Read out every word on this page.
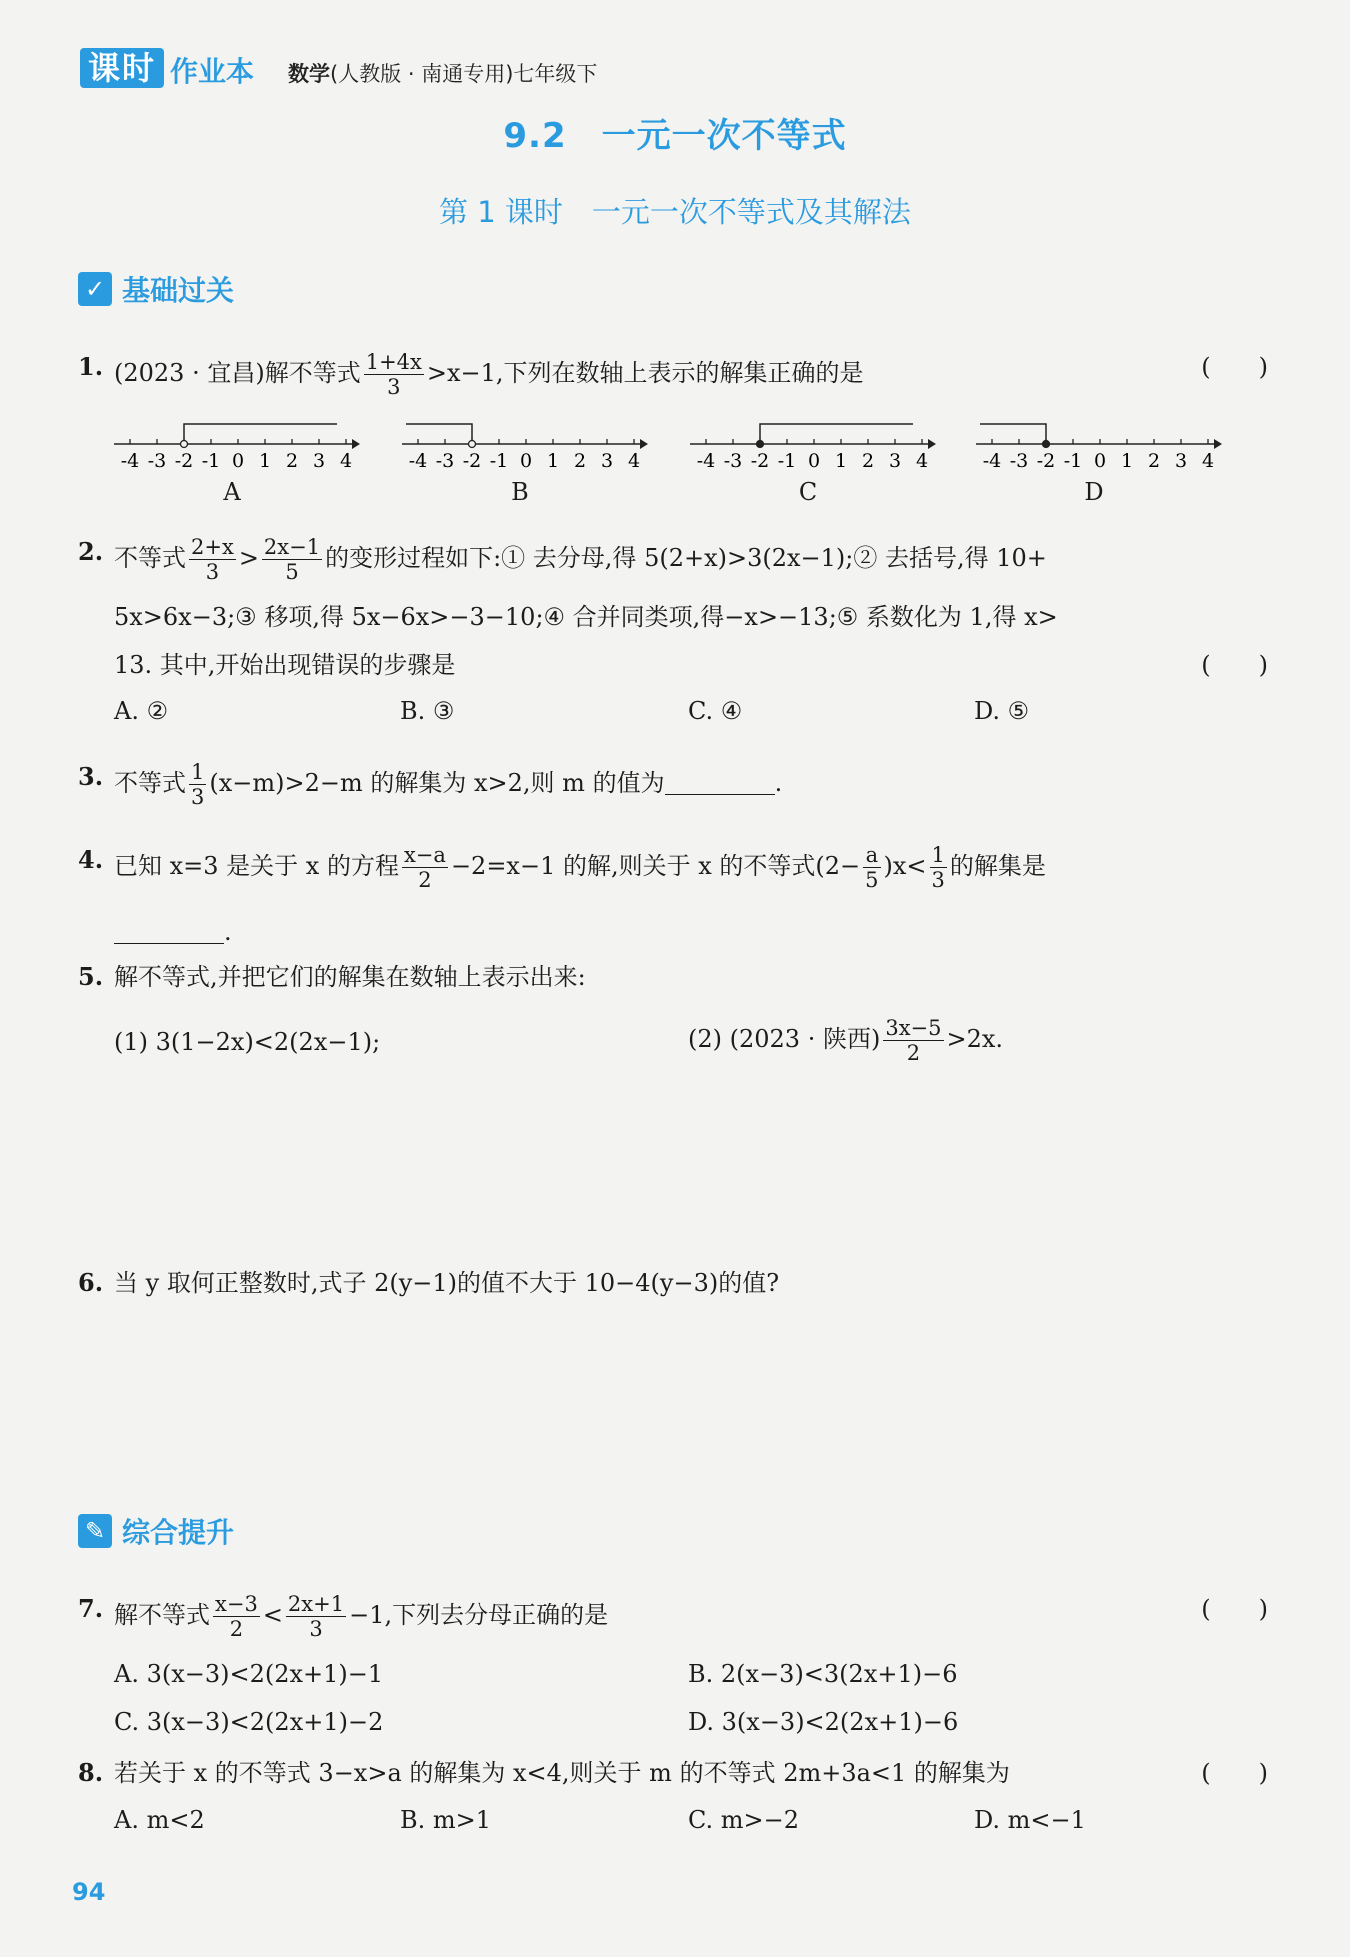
课时 作业本 数学(人教版 · 南通专用)七年级下
9.2　一元一次不等式
第 1 课时　一元一次不等式及其解法
✓ 基础过关
1. (2023 · 宜昌)解不等式 $\frac{1+4x}{3} >x-1$,下列在数轴上表示的解集正确的是	(　　)
-4 -3 -2 -1 0 1 2 3 4
A
-4 -3 -2 -1 0 1 2 3 4
B
-4 -3 -2 -1 0 1 2 3 4
C
-4 -3 -2 -1 0 1 2 3 4
D
2. 不等式 $\frac{2+x}{3} > \frac{2x-1}{5}$ 的变形过程如下:① 去分母,得 5(2+x)>3(2x−1);② 去括号,得 10+
5x>6x−3;③ 移项,得 5x−6x>−3−10;④ 合并同类项,得−x>−13;⑤ 系数化为 1,得 x>
13. 其中,开始出现错误的步骤是	(　　)
A. ②	B. ③	C. ④	D. ⑤
3. 不等式 $\frac{1}{3} (x-m)>2-m$ 的解集为 x>2,则 m 的值为	.
4. 已知 x=3 是关于 x 的方程 $\frac{x-a}{2} -2=x-1$ 的解,则关于 x 的不等式$(2- \frac{a}{5} )x< \frac{1}{3}$ 的解集是
.
5. 解不等式,并把它们的解集在数轴上表示出来:
(1) 3(1−2x)<2(2x−1);	(2) (2023 · 陕西) $\frac{3x-5}{2} >2x$.
6. 当 y 取何正整数时,式子 2(y−1)的值不大于 10−4(y−3)的值?
✎ 综合提升
7. 解不等式 $\frac{x-3}{2} < \frac{2x+1}{3} -1$,下列去分母正确的是	(　　)
A. 3(x−3)<2(2x+1)−1	B. 2(x−3)<3(2x+1)−6
C. 3(x−3)<2(2x+1)−2	D. 3(x−3)<2(2x+1)−6
8. 若关于 x 的不等式 3−x>a 的解集为 x<4,则关于 m 的不等式 2m+3a<1 的解集为	(　　)
A. m<2	B. m>1	C. m>−2	D. m<−1
94
